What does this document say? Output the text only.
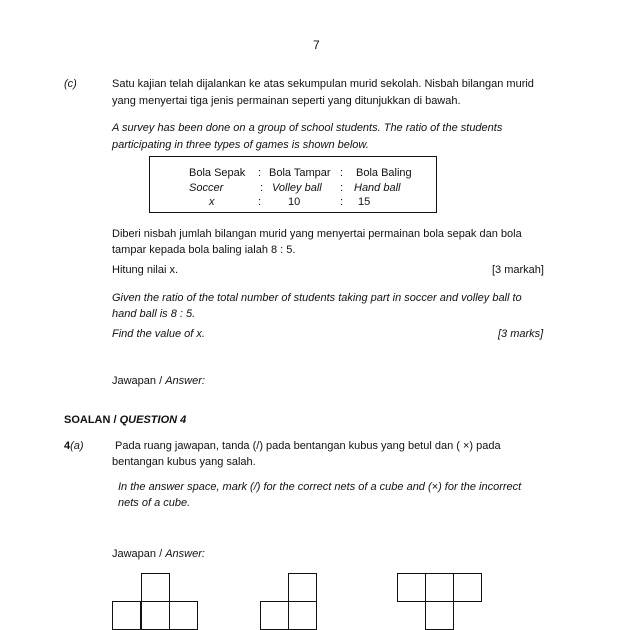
7
(c)	Satu kajian telah dijalankan ke atas sekumpulan murid sekolah. Nisbah bilangan murid
yang menyertai tiga jenis permainan seperti yang ditunjukkan di bawah.
A survey has been done on a group of school students. The ratio of the students
participating in three types of games is shown below.
Bola Sepak : Bola Tampar : Bola Baling
Soccer	: Volley ball : Hand ball
x	: 10	: 15
Diberi nisbah jumlah bilangan murid yang menyertai permainan bola sepak dan bola
tampar kepada bola baling ialah 8 : 5.
Hitung nilai x.	[3 markah]
Given the ratio of the total number of students taking part in soccer and volley ball to
hand ball is 8 : 5.
Find the value of x.	[3 marks]
Jawapan / Answer:
SOALAN / QUESTION 4
4(a)	Pada ruang jawapan, tanda (/) pada bentangan kubus yang betul dan ( ×) pada
bentangan kubus yang salah.
In the answer space, mark (/) for the correct nets of a cube and (×) for the incorrect
nets of a cube.
Jawapan / Answer:
